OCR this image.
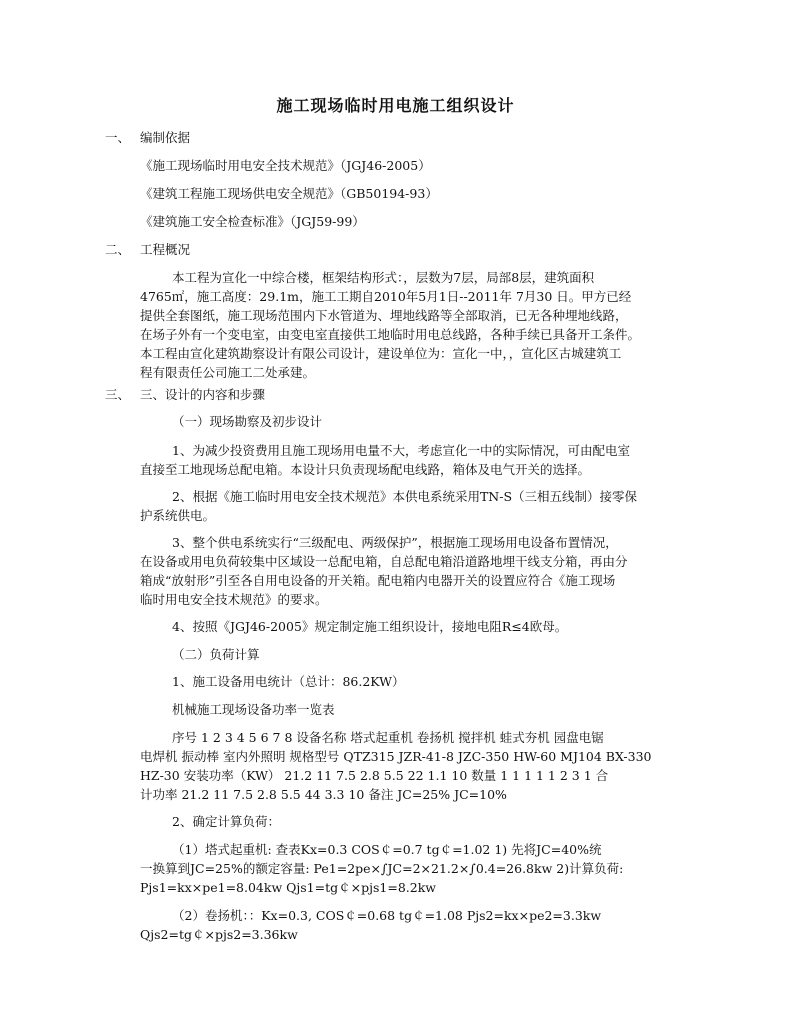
施工现场临时用电施工组织设计
一、 编制依据
《施工现场临时用电安全技术规范》（JGJ46-2005）
《建筑工程施工现场供电安全规范》（GB50194-93）
《建筑施工安全检查标准》（JGJ59-99）
二、 工程概况
本工程为宣化一中综合楼，框架结构形式：，层数为7层，局部8层，建筑面积
4765㎡，施工高度：29.1m，施工工期自2010年5月1日--2011年 7月30 日。甲方已经
提供全套图纸，施工现场范围内下水管道为、埋地线路等全部取消，已无各种埋地线路，
在场子外有一个变电室，由变电室直接供工地临时用电总线路，各种手续已具备开工条件。
本工程由宣化建筑勘察设计有限公司设计，建设单位为：宣化一中，，宣化区古城建筑工
程有限责任公司施工二处承建。
三、 三、设计的内容和步骤
（一）现场勘察及初步设计
1、为减少投资费用且施工现场用电量不大，考虑宣化一中的实际情况，可由配电室
直接至工地现场总配电箱。本设计只负责现场配电线路，箱体及电气开关的选择。
2、根据《施工临时用电安全技术规范》本供电系统采用TN-S（三相五线制）接零保
护系统供电。
3、整个供电系统实行“三级配电、两级保护”，根据施工现场用电设备布置情况，
在设备或用电负荷较集中区域设一总配电箱，自总配电箱沿道路地埋干线支分箱，再由分
箱成“放射形”引至各自用电设备的开关箱。配电箱内电器开关的设置应符合《施工现场
临时用电安全技术规范》的要求。
4、按照《JGJ46-2005》规定制定施工组织设计，接地电阻R≤4欧母。
（二）负荷计算
1、施工设备用电统计（总计：86.2KW）
机械施工现场设备功率一览表
序号 1 2 3 4 5 6 7 8 设备名称 塔式起重机 卷扬机 搅拌机 蛙式夯机 园盘电锯
电焊机 振动棒 室内外照明 规格型号 QTZ315 JZR-41-8 JZC-350 HW-60 MJ104 BX-330
HZ-30 安装功率（KW） 21.2 11 7.5 2.8 5.5 22 1.1 10 数量 1 1 1 1 1 2 3 1 合
计功率 21.2 11 7.5 2.8 5.5 44 3.3 10 备注 JC=25% JC=10%
2、确定计算负荷：
（1）塔式起重机: 查表Kx=0.3 COS￠=0.7 tg￠=1.02 1) 先将JC=40%统
一换算到JC=25%的额定容量: Pe1=2pe×∫JC=2×21.2×∫0.4=26.8kw 2)计算负荷:
Pjs1=kx×pe1=8.04kw Qjs1=tg￠×pjs1=8.2kw
（2）卷扬机：：Kx=0.3, COS￠=0.68 tg￠=1.08 Pjs2=kx×pe2=3.3kw
Qjs2=tg￠×pjs2=3.36kw
